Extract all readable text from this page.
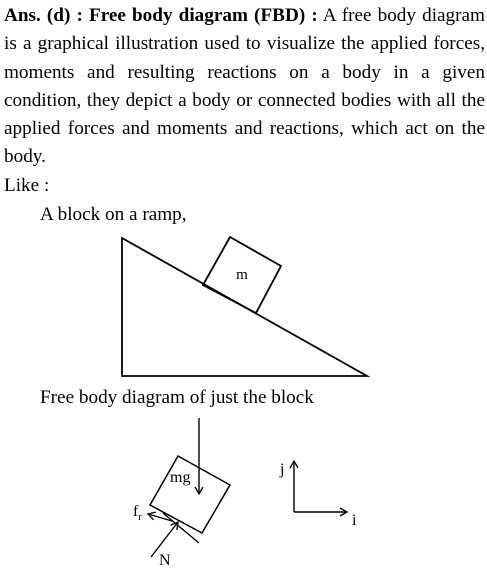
Ans. (d) : Free body diagram (FBD) : A free body diagram is a graphical illustration used to visualize the applied forces, moments and resulting reactions on a body in a given condition, they depict a body or connected bodies with all the applied forces and moments and reactions, which act on the body.

Like :
A block on a ramp,
Free body diagram of just the block
m
mg
$f_r$
N
j
i
